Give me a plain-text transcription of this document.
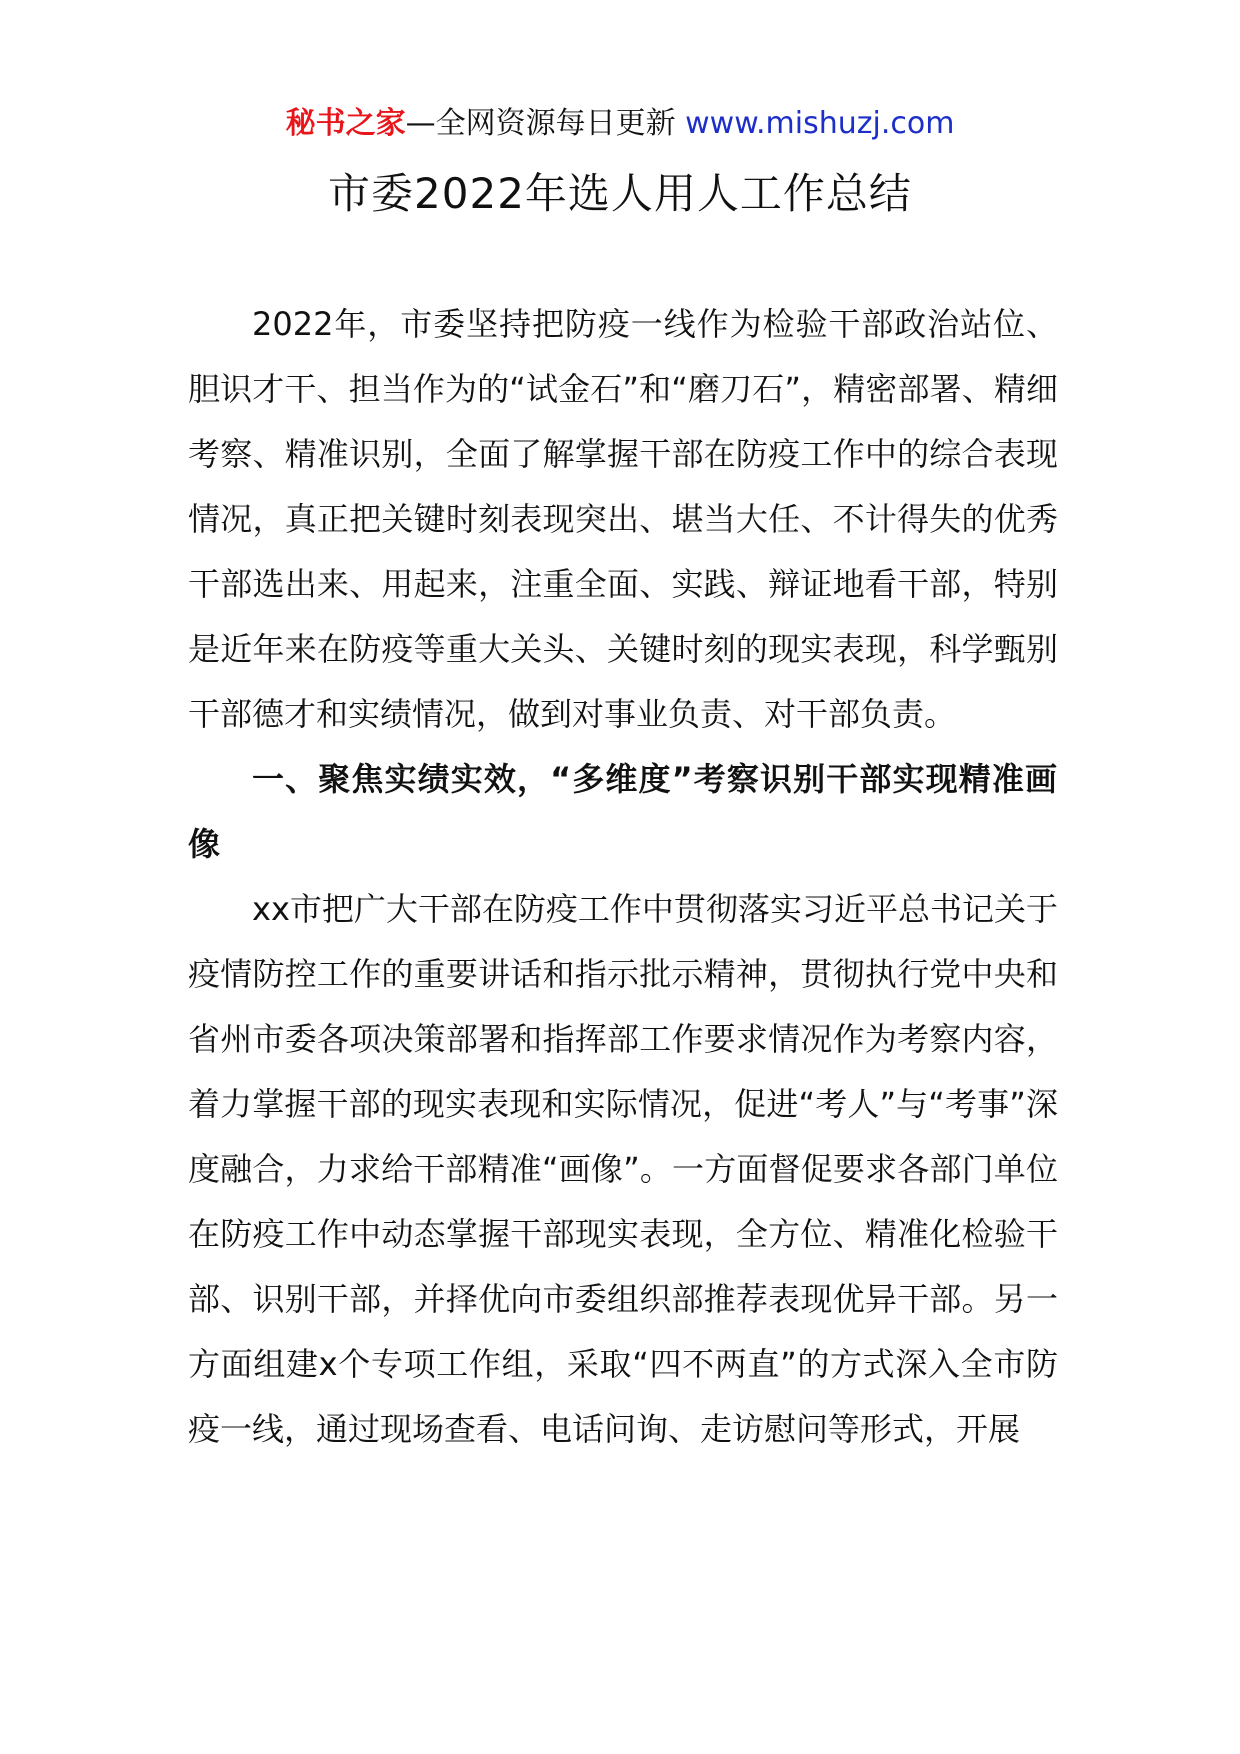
秘书之家—全网资源每日更新 www.mishuzj.com
市委2022年选人用人工作总结

2022年，市委坚持把防疫一线作为检验干部政治站位、胆识才干、担当作为的“试金石”和“磨刀石”，精密部署、精细考察、精准识别，全面了解掌握干部在防疫工作中的综合表现情况，真正把关键时刻表现突出、堪当大任、不计得失的优秀干部选出来、用起来，注重全面、实践、辩证地看干部，特别是近年来在防疫等重大关头、关键时刻的现实表现，科学甄别干部德才和实绩情况，做到对事业负责、对干部负责。

一、聚焦实绩实效，“多维度”考察识别干部实现精准画像

xx市把广大干部在防疫工作中贯彻落实习近平总书记关于疫情防控工作的重要讲话和指示批示精神，贯彻执行党中央和省州市委各项决策部署和指挥部工作要求情况作为考察内容，着力掌握干部的现实表现和实际情况，促进“考人”与“考事”深度融合，力求给干部精准“画像”。一方面督促要求各部门单位在防疫工作中动态掌握干部现实表现，全方位、精准化检验干部、识别干部，并择优向市委组织部推荐表现优异干部。另一方面组建x个专项工作组，采取“四不两直”的方式深入全市防疫一线，通过现场查看、电话问询、走访慰问等形式，开展
